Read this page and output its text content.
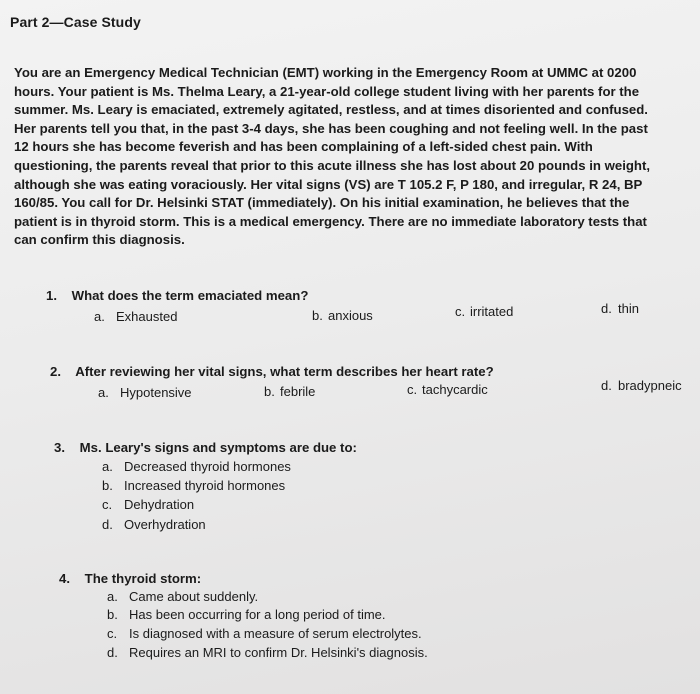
Part 2—Case Study
You are an Emergency Medical Technician (EMT) working in the Emergency Room at UMMC at 0200
hours. Your patient is Ms. Thelma Leary, a 21-year-old college student living with her parents for the
summer. Ms. Leary is emaciated, extremely agitated, restless, and at times disoriented and confused.
Her parents tell you that, in the past 3-4 days, she has been coughing and not feeling well. In the past
12 hours she has become feverish and has been complaining of a left-sided chest pain. With
questioning, the parents reveal that prior to this acute illness she has lost about 20 pounds in weight,
although she was eating voraciously. Her vital signs (VS) are T 105.2 F, P 180, and irregular, R 24, BP
160/85. You call for Dr. Helsinki STAT (immediately). On his initial examination, he believes that the
patient is in thyroid storm. This is a medical emergency. There are no immediate laboratory tests that
can confirm this diagnosis.
1. What does the term emaciated mean?
a. Exhausted	b. anxious	c. irritated	d. thin
2. After reviewing her vital signs, what term describes her heart rate?
a. Hypotensive	b. febrile	c. tachycardic	d. bradypneic
3. Ms. Leary's signs and symptoms are due to:
a. Decreased thyroid hormones
b. Increased thyroid hormones
c. Dehydration
d. Overhydration
4. The thyroid storm:
a. Came about suddenly.
b. Has been occurring for a long period of time.
c. Is diagnosed with a measure of serum electrolytes.
d. Requires an MRI to confirm Dr. Helsinki's diagnosis.
